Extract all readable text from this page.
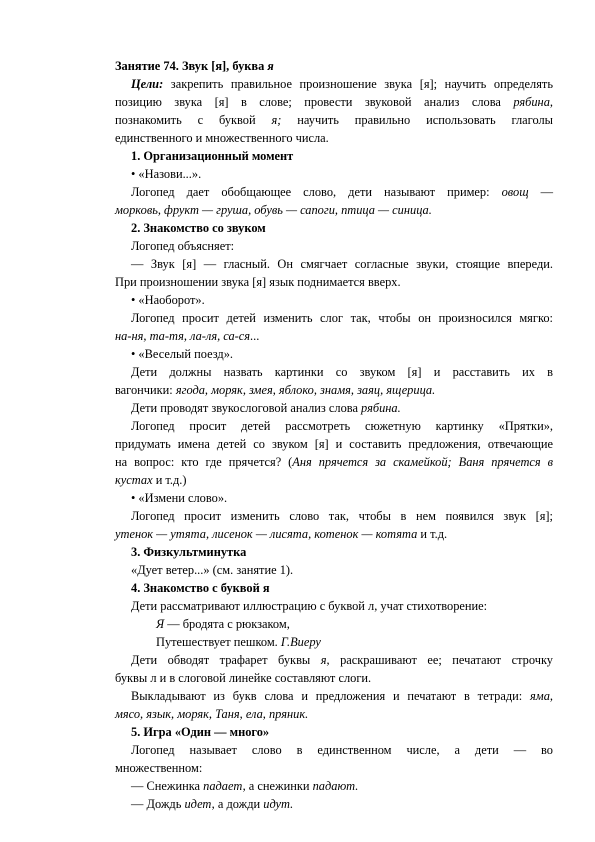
Занятие 74. Звук [я], буква я
Цели: закрепить правильное произношение звука [я]; научить определять
позицию звука [я] в слове; провести звуковой анализ слова рябина,
познакомить с буквой я; научить правильно использовать глаголы
единственного и множественного числа.
1. Организационный момент
• «Назови...».
Логопед дает обобщающее слово, дети называют пример: овощ —
морковь, фрукт — груша, обувь — сапоги, птица — синица.
2. Знакомство со звуком
Логопед объясняет:
— Звук [я] — гласный. Он смягчает согласные звуки, стоящие впереди.
При произношении звука [я] язык поднимается вверх.
• «Наоборот».
Логопед просит детей изменить слог так, чтобы он произносился мягко:
на-ня, та-тя, ла-ля, са-ся...
• «Веселый поезд».
Дети должны назвать картинки со звуком [я] и расставить их в
вагончики: ягода, моряк, змея, яблоко, знамя, заяц, ящерица.
Дети проводят звукослоговой анализ слова рябина.
Логопед просит детей рассмотреть сюжетную картинку «Прятки»,
придумать имена детей со звуком [я] и составить предложения, отвечающие
на вопрос: кто где прячется? (Аня прячется за скамейкой; Ваня прячется в
кустах и т.д.)
• «Измени слово».
Логопед просит изменить слово так, чтобы в нем появился звук [я];
утенок — утята, лисенок — лисята, котенок — котята и т.д.
3. Физкультминутка
«Дует ветер...» (см. занятие 1).
4. Знакомство с буквой я
Дети рассматривают иллюстрацию с буквой л, учат стихотворение:
Я — бродята с рюкзаком,
Путешествует пешком. Г.Виеру
Дети обводят трафарет буквы я, раскрашивают ее; печатают строчку
буквы л и в слоговой линейке составляют слоги.
Выкладывают из букв слова и предложения и печатают в тетради: яма,
мясо, язык, моряк, Таня, ела, пряник.
5. Игра «Один — много»
Логопед называет слово в единственном числе, а дети — во
множественном:
— Снежинка падает, а снежинки падают.
— Дождь идет, а дожди идут.
